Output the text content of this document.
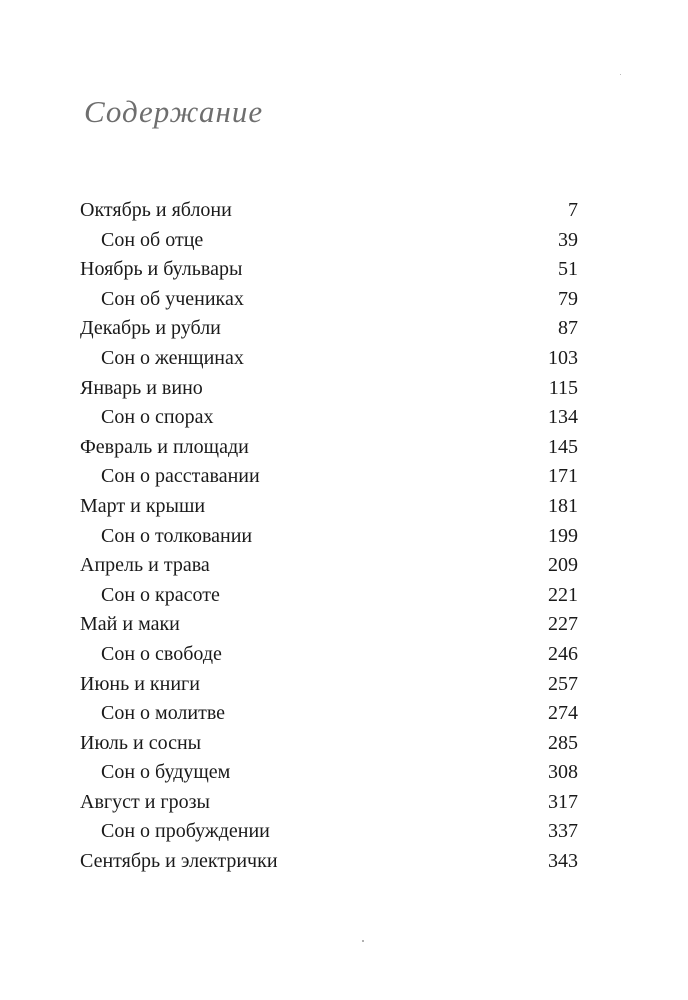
Содержание
Октябрь и яблони	7
Сон об отце	39
Ноябрь и бульвары	51
Сон об учениках	79
Декабрь и рубли	87
Сон о женщинах	103
Январь и вино	115
Сон о спорах	134
Февраль и площади	145
Сон о расставании	171
Март и крыши	181
Сон о толковании	199
Апрель и трава	209
Сон о красоте	221
Май и маки	227
Сон о свободе	246
Июнь и книги	257
Сон о молитве	274
Июль и сосны	285
Сон о будущем	308
Август и грозы	317
Сон о пробуждении	337
Сентябрь и электрички	343
